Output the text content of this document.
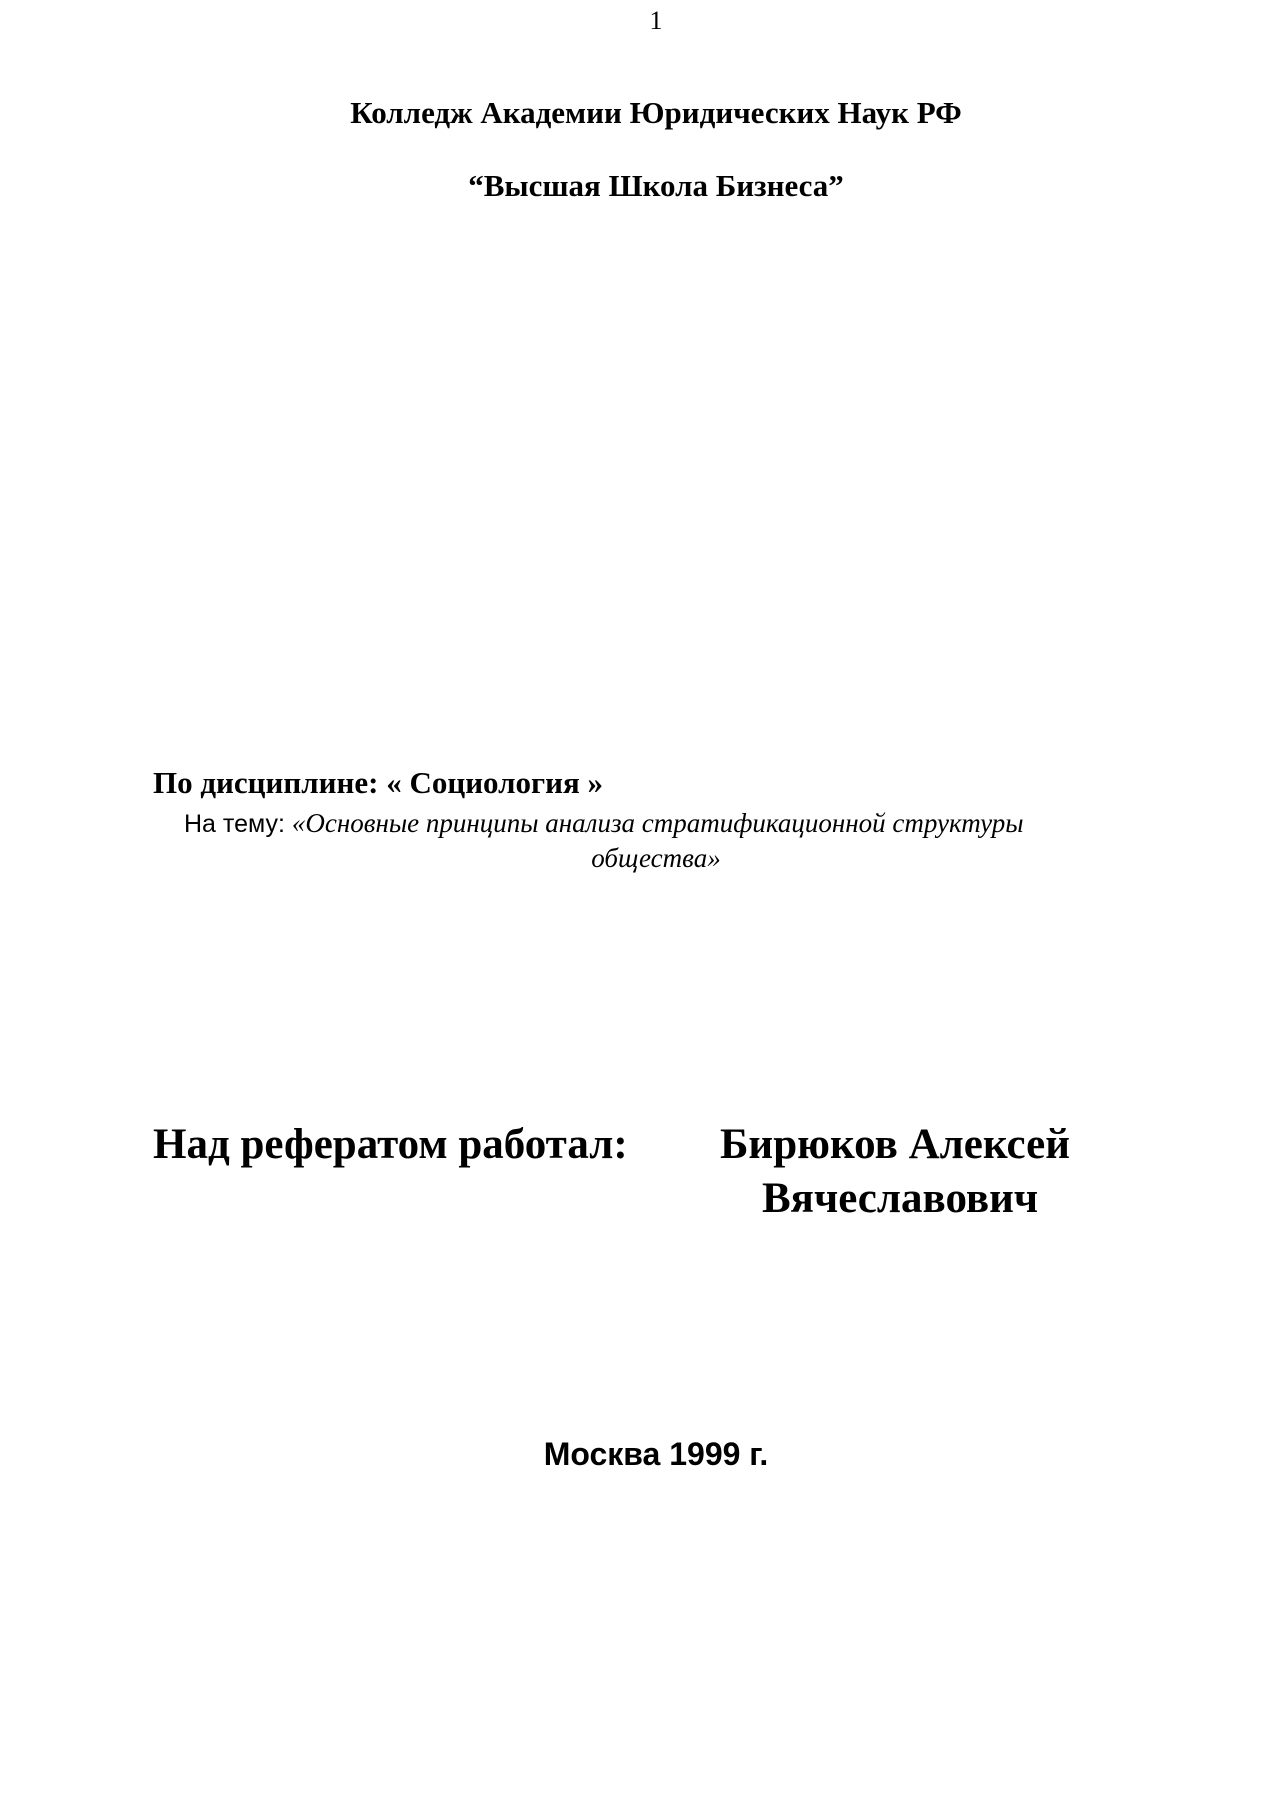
1
Колледж Академии Юридических Наук РФ
“Высшая Школа Бизнеса”
По дисциплине: « Социология »
На тему: «Основные принципы анализа стратификационной структуры
общества»
Над рефератом работал: Бирюков Алексей
Вячеславович
Москва 1999 г.
